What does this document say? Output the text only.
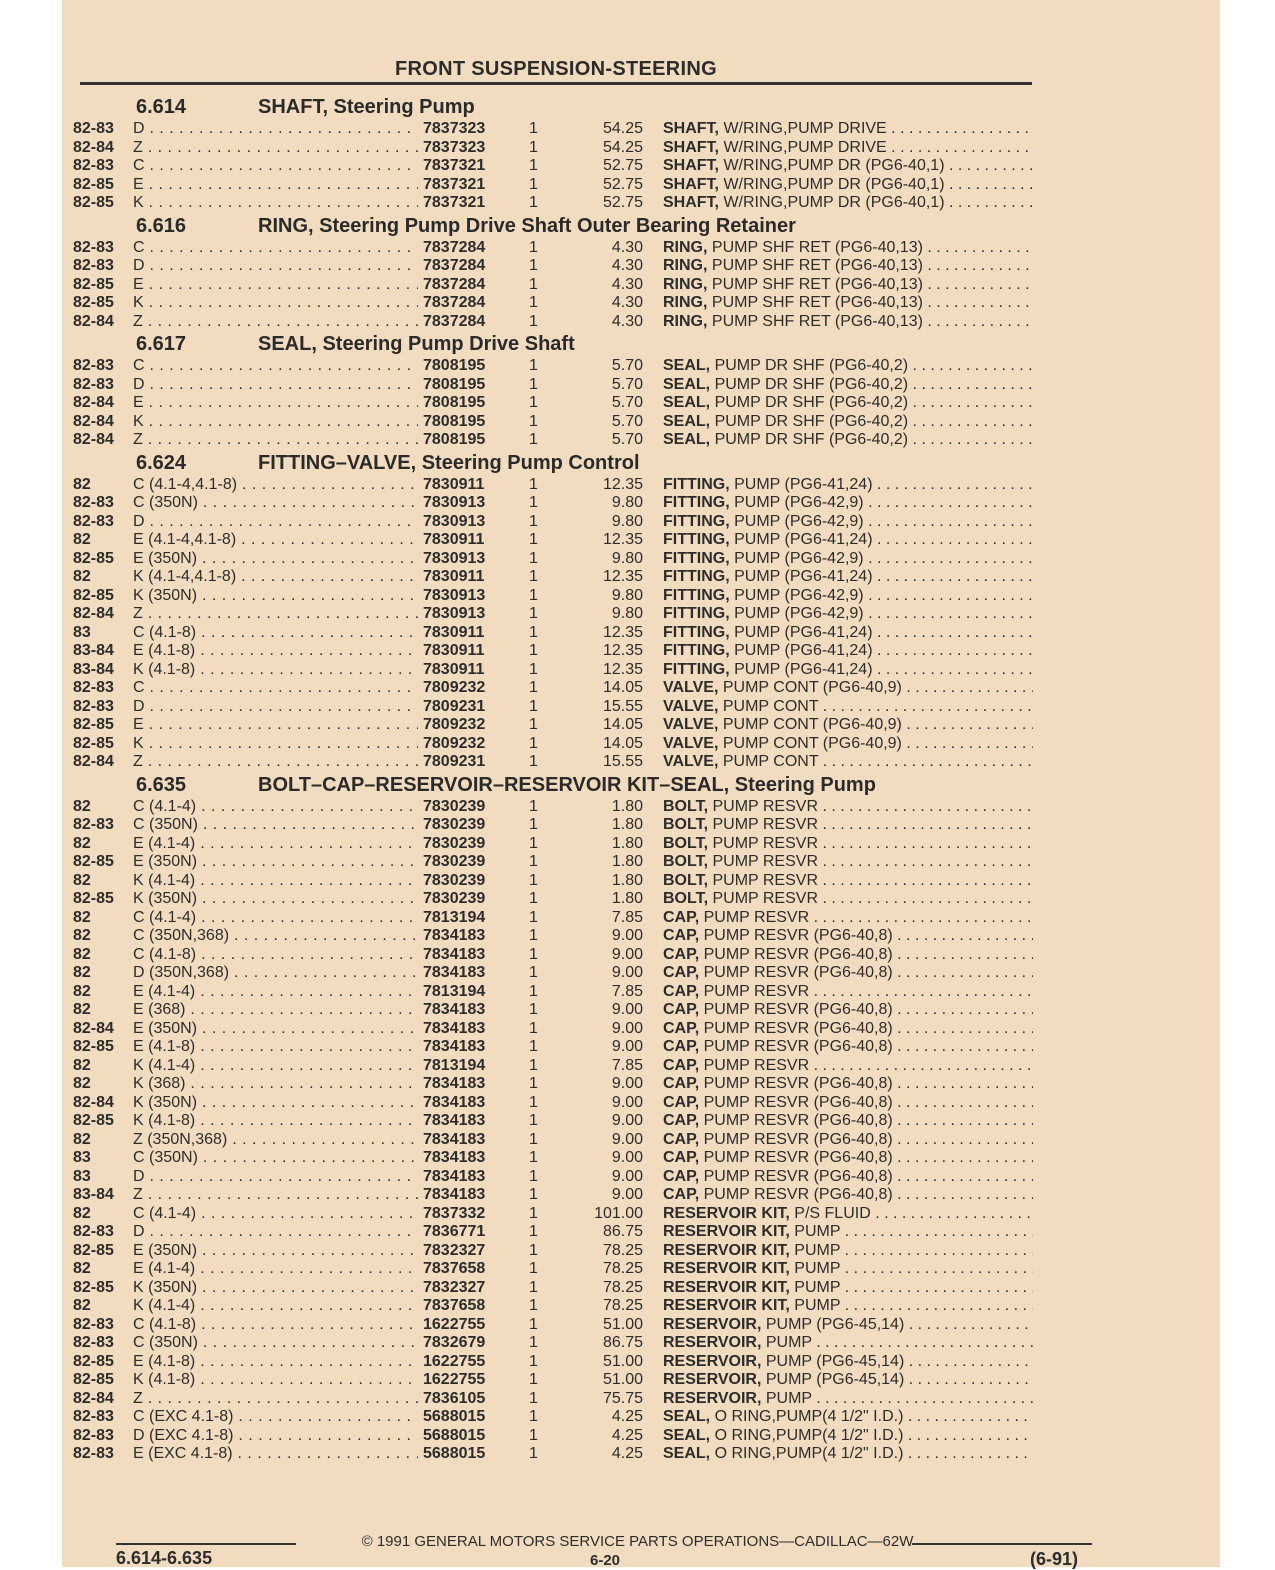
FRONT SUSPENSION-STEERING
6.614	SHAFT, Steering Pump
82-83	D . . .	7837323	1	54.25 SHAFT, W/RING,PUMP DRIVE . . .
82-84	Z . . .	7837323	1	54.25 SHAFT, W/RING,PUMP DRIVE . . .
82-83	C . . .	7837321	1	52.75 SHAFT, W/RING,PUMP DR (PG6-40,1) . . .
82-85	E . . .	7837321	1	52.75 SHAFT, W/RING,PUMP DR (PG6-40,1) . . .
82-85	K . . .	7837321	1	52.75 SHAFT, W/RING,PUMP DR (PG6-40,1) . . .
6.616	RING, Steering Pump Drive Shaft Outer Bearing Retainer
82-83	C . . .	7837284	1	4.30 RING, PUMP SHF RET (PG6-40,13) . . .
82-83	D . . .	7837284	1	4.30 RING, PUMP SHF RET (PG6-40,13) . . .
82-85	E . . .	7837284	1	4.30 RING, PUMP SHF RET (PG6-40,13) . . .
82-85	K . . .	7837284	1	4.30 RING, PUMP SHF RET (PG6-40,13) . . .
82-84	Z . . .	7837284	1	4.30 RING, PUMP SHF RET (PG6-40,13) . . .
6.617	SEAL, Steering Pump Drive Shaft
82-83	C . . .	7808195	1	5.70 SEAL, PUMP DR SHF (PG6-40,2) . . .
82-83	D . . .	7808195	1	5.70 SEAL, PUMP DR SHF (PG6-40,2) . . .
82-84	E . . .	7808195	1	5.70 SEAL, PUMP DR SHF (PG6-40,2) . . .
82-84	K . . .	7808195	1	5.70 SEAL, PUMP DR SHF (PG6-40,2) . . .
82-84	Z . . .	7808195	1	5.70 SEAL, PUMP DR SHF (PG6-40,2) . . .
6.624	FITTING–VALVE, Steering Pump Control
82	C (4.1-4,4.1-8) . . .	7830911	1	12.35 FITTING, PUMP (PG6-41,24) . . .
82-83	C (350N) . . .	7830913	1	9.80 FITTING, PUMP (PG6-42,9) . . .
82-83	D . . .	7830913	1	9.80 FITTING, PUMP (PG6-42,9) . . .
82	E (4.1-4,4.1-8) . . .	7830911	1	12.35 FITTING, PUMP (PG6-41,24) . . .
82-85	E (350N) . . .	7830913	1	9.80 FITTING, PUMP (PG6-42,9) . . .
82	K (4.1-4,4.1-8) . . .	7830911	1	12.35 FITTING, PUMP (PG6-41,24) . . .
82-85	K (350N) . . .	7830913	1	9.80 FITTING, PUMP (PG6-42,9) . . .
82-84	Z . . .	7830913	1	9.80 FITTING, PUMP (PG6-42,9) . . .
83	C (4.1-8) . . .	7830911	1	12.35 FITTING, PUMP (PG6-41,24) . . .
83-84	E (4.1-8) . . .	7830911	1	12.35 FITTING, PUMP (PG6-41,24) . . .
83-84	K (4.1-8) . . .	7830911	1	12.35 FITTING, PUMP (PG6-41,24) . . .
82-83	C . . .	7809232	1	14.05 VALVE, PUMP CONT (PG6-40,9) . . .
82-83	D . . .	7809231	1	15.55 VALVE, PUMP CONT . . .
82-85	E . . .	7809232	1	14.05 VALVE, PUMP CONT (PG6-40,9) . . .
82-85	K . . .	7809232	1	14.05 VALVE, PUMP CONT (PG6-40,9) . . .
82-84	Z . . .	7809231	1	15.55 VALVE, PUMP CONT . . .
6.635	BOLT–CAP–RESERVOIR–RESERVOIR KIT–SEAL, Steering Pump
82	C (4.1-4) . . .	7830239	1	1.80 BOLT, PUMP RESVR . . .
82-83	C (350N) . . .	7830239	1	1.80 BOLT, PUMP RESVR . . .
82	E (4.1-4) . . .	7830239	1	1.80 BOLT, PUMP RESVR . . .
82-85	E (350N) . . .	7830239	1	1.80 BOLT, PUMP RESVR . . .
82	K (4.1-4) . . .	7830239	1	1.80 BOLT, PUMP RESVR . . .
82-85	K (350N) . . .	7830239	1	1.80 BOLT, PUMP RESVR . . .
82	C (4.1-4) . . .	7813194	1	7.85 CAP, PUMP RESVR . . .
82	C (350N,368) . . .	7834183	1	9.00 CAP, PUMP RESVR (PG6-40,8) . . .
82	C (4.1-8) . . .	7834183	1	9.00 CAP, PUMP RESVR (PG6-40,8) . . .
82	D (350N,368) . . .	7834183	1	9.00 CAP, PUMP RESVR (PG6-40,8) . . .
82	E (4.1-4) . . .	7813194	1	7.85 CAP, PUMP RESVR . . .
82	E (368) . . .	7834183	1	9.00 CAP, PUMP RESVR (PG6-40,8) . . .
82-84	E (350N) . . .	7834183	1	9.00 CAP, PUMP RESVR (PG6-40,8) . . .
82-85	E (4.1-8) . . .	7834183	1	9.00 CAP, PUMP RESVR (PG6-40,8) . . .
82	K (4.1-4) . . .	7813194	1	7.85 CAP, PUMP RESVR . . .
82	K (368) . . .	7834183	1	9.00 CAP, PUMP RESVR (PG6-40,8) . . .
82-84	K (350N) . . .	7834183	1	9.00 CAP, PUMP RESVR (PG6-40,8) . . .
82-85	K (4.1-8) . . .	7834183	1	9.00 CAP, PUMP RESVR (PG6-40,8) . . .
82	Z (350N,368) . . .	7834183	1	9.00 CAP, PUMP RESVR (PG6-40,8) . . .
83	C (350N) . . .	7834183	1	9.00 CAP, PUMP RESVR (PG6-40,8) . . .
83	D . . .	7834183	1	9.00 CAP, PUMP RESVR (PG6-40,8) . . .
83-84	Z . . .	7834183	1	9.00 CAP, PUMP RESVR (PG6-40,8) . . .
82	C (4.1-4) . . .	7837332	1	101.00 RESERVOIR KIT, P/S FLUID . . .
82-83	D . . .	7836771	1	86.75 RESERVOIR KIT, PUMP . . .
82-85	E (350N) . . .	7832327	1	78.25 RESERVOIR KIT, PUMP . . .
82	E (4.1-4) . . .	7837658	1	78.25 RESERVOIR KIT, PUMP . . .
82-85	K (350N) . . .	7832327	1	78.25 RESERVOIR KIT, PUMP . . .
82	K (4.1-4) . . .	7837658	1	78.25 RESERVOIR KIT, PUMP . . .
82-83	C (4.1-8) . . .	1622755	1	51.00 RESERVOIR, PUMP (PG6-45,14) . . .
82-83	C (350N) . . .	7832679	1	86.75 RESERVOIR, PUMP . . .
82-85	E (4.1-8) . . .	1622755	1	51.00 RESERVOIR, PUMP (PG6-45,14) . . .
82-85	K (4.1-8) . . .	1622755	1	51.00 RESERVOIR, PUMP (PG6-45,14) . . .
82-84	Z . . .	7836105	1	75.75 RESERVOIR, PUMP . . .
82-83	C (EXC 4.1-8) . . .	5688015	1	4.25 SEAL, O RING,PUMP(4 1/2" I.D.) . . .
82-83	D (EXC 4.1-8) . . .	5688015	1	4.25 SEAL, O RING,PUMP(4 1/2" I.D.) . . .
82-83	E (EXC 4.1-8) . . .	5688015	1	4.25 SEAL, O RING,PUMP(4 1/2" I.D.) . . .
© 1991 GENERAL MOTORS SERVICE PARTS OPERATIONS—CADILLAC—62W
6.614-6.635	6-20	(6-91)
